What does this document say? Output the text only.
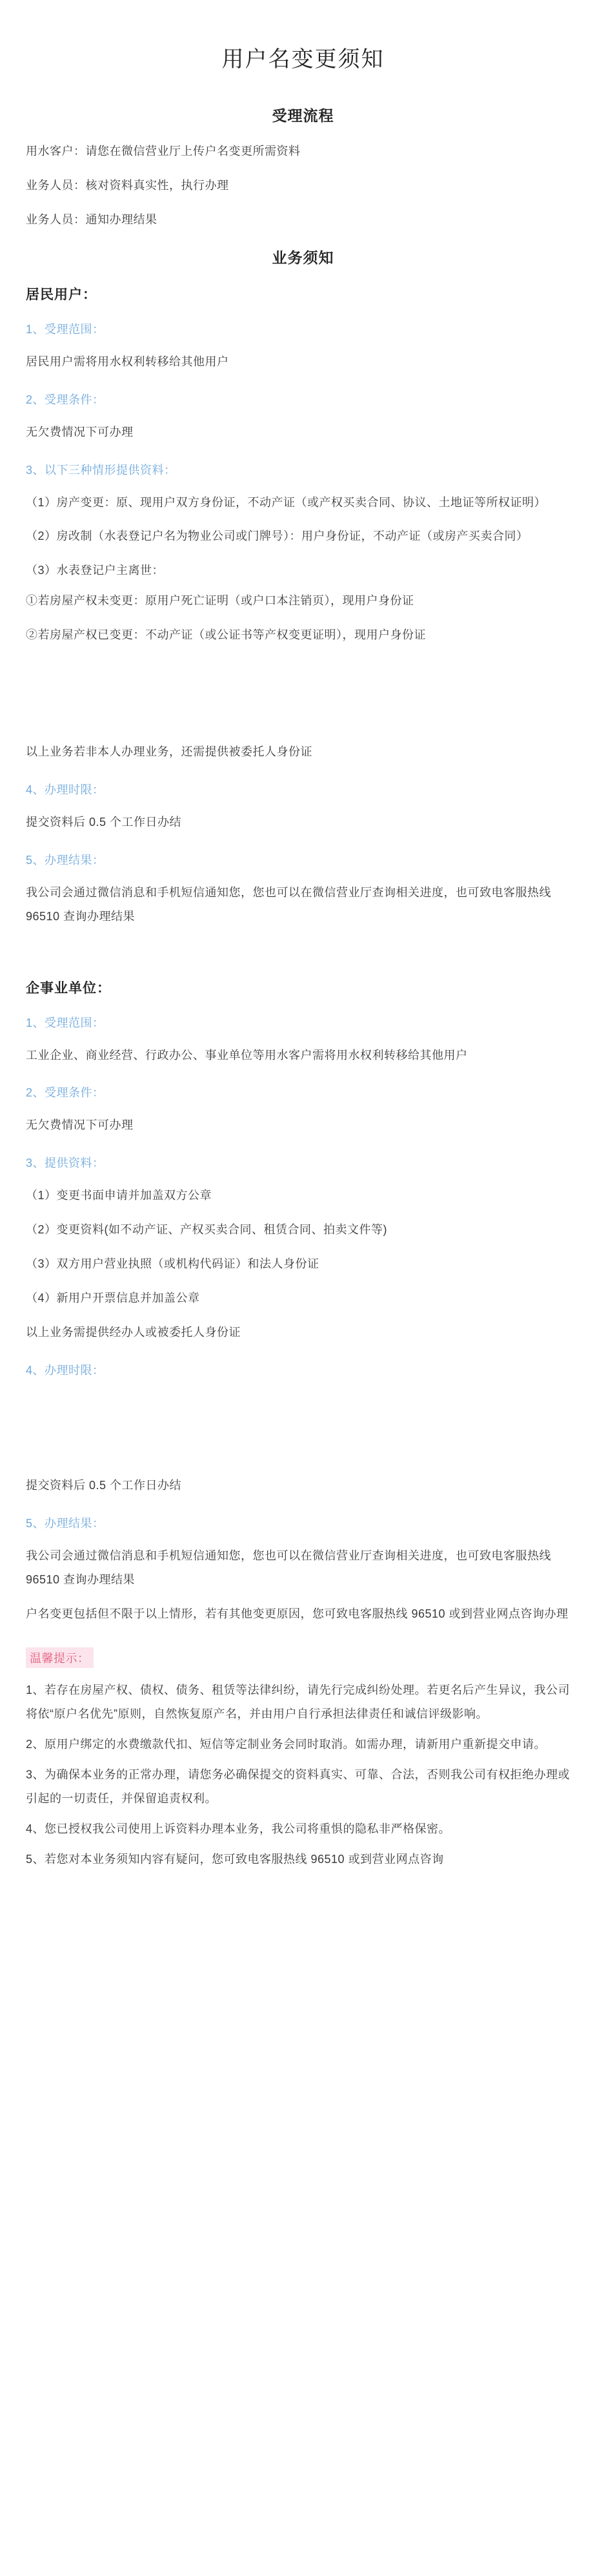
用户名变更须知
受理流程

用水客户：请您在微信营业厅上传户名变更所需资料

业务人员：核对资料真实性，执行办理

业务人员：通知办理结果

业务须知
居民用户：

1、受理范围：

居民用户需将用水权利转移给其他用户

2、受理条件：

无欠费情况下可办理

3、以下三种情形提供资料：

（1）房产变更：原、现用户双方身份证，不动产证（或产权买卖合同、协议、土地证等所权证明）

（2）房改制（水表登记户名为物业公司或门牌号）：用户身份证，不动产证（或房产买卖合同）

（3）水表登记户主离世：

①若房屋产权未变更：原用户死亡证明（或户口本注销页），现用户身份证

②若房屋产权已变更：不动产证（或公证书等产权变更证明），现用户身份证

以上业务若非本人办理业务，还需提供被委托人身份证

4、办理时限：

提交资料后 0.5 个工作日办结

5、办理结果：

我公司会通过微信消息和手机短信通知您，您也可以在微信营业厅查询相关进度，也可致电客服热线 96510 查询办理结果

企事业单位：

1、受理范围：

工业企业、商业经营、行政办公、事业单位等用水客户需将用水权利转移给其他用户

2、受理条件：

无欠费情况下可办理

3、提供资料：

（1）变更书面申请并加盖双方公章

（2）变更资料(如不动产证、产权买卖合同、租赁合同、拍卖文件等)

（3）双方用户营业执照（或机构代码证）和法人身份证

（4）新用户开票信息并加盖公章

以上业务需提供经办人或被委托人身份证

4、办理时限：

提交资料后 0.5 个工作日办结

5、办理结果：

我公司会通过微信消息和手机短信通知您，您也可以在微信营业厅查询相关进度，也可致电客服热线 96510 查询办理结果

户名变更包括但不限于以上情形，若有其他变更原因，您可致电客服热线 96510 或到营业网点咨询办理

温馨提示：
1、若存在房屋产权、债权、债务、租赁等法律纠纷，请先行完成纠纷处理。若更名后产生异议，我公司将依“原户名优先”原则，自然恢复原产名，并由用户自行承担法律责任和诚信评级影响。
2、原用户绑定的水费缴款代扣、短信等定制业务会同时取消。如需办理，请新用户重新提交申请。
3、为确保本业务的正常办理，请您务必确保提交的资料真实、可靠、合法，否则我公司有权拒绝办理或引起的一切责任，并保留追责权利。
4、您已授权我公司使用上诉资料办理本业务，我公司将重惧的隐私非严格保密。
5、若您对本业务须知内容有疑问，您可致电客服热线 96510 或到营业网点咨询
